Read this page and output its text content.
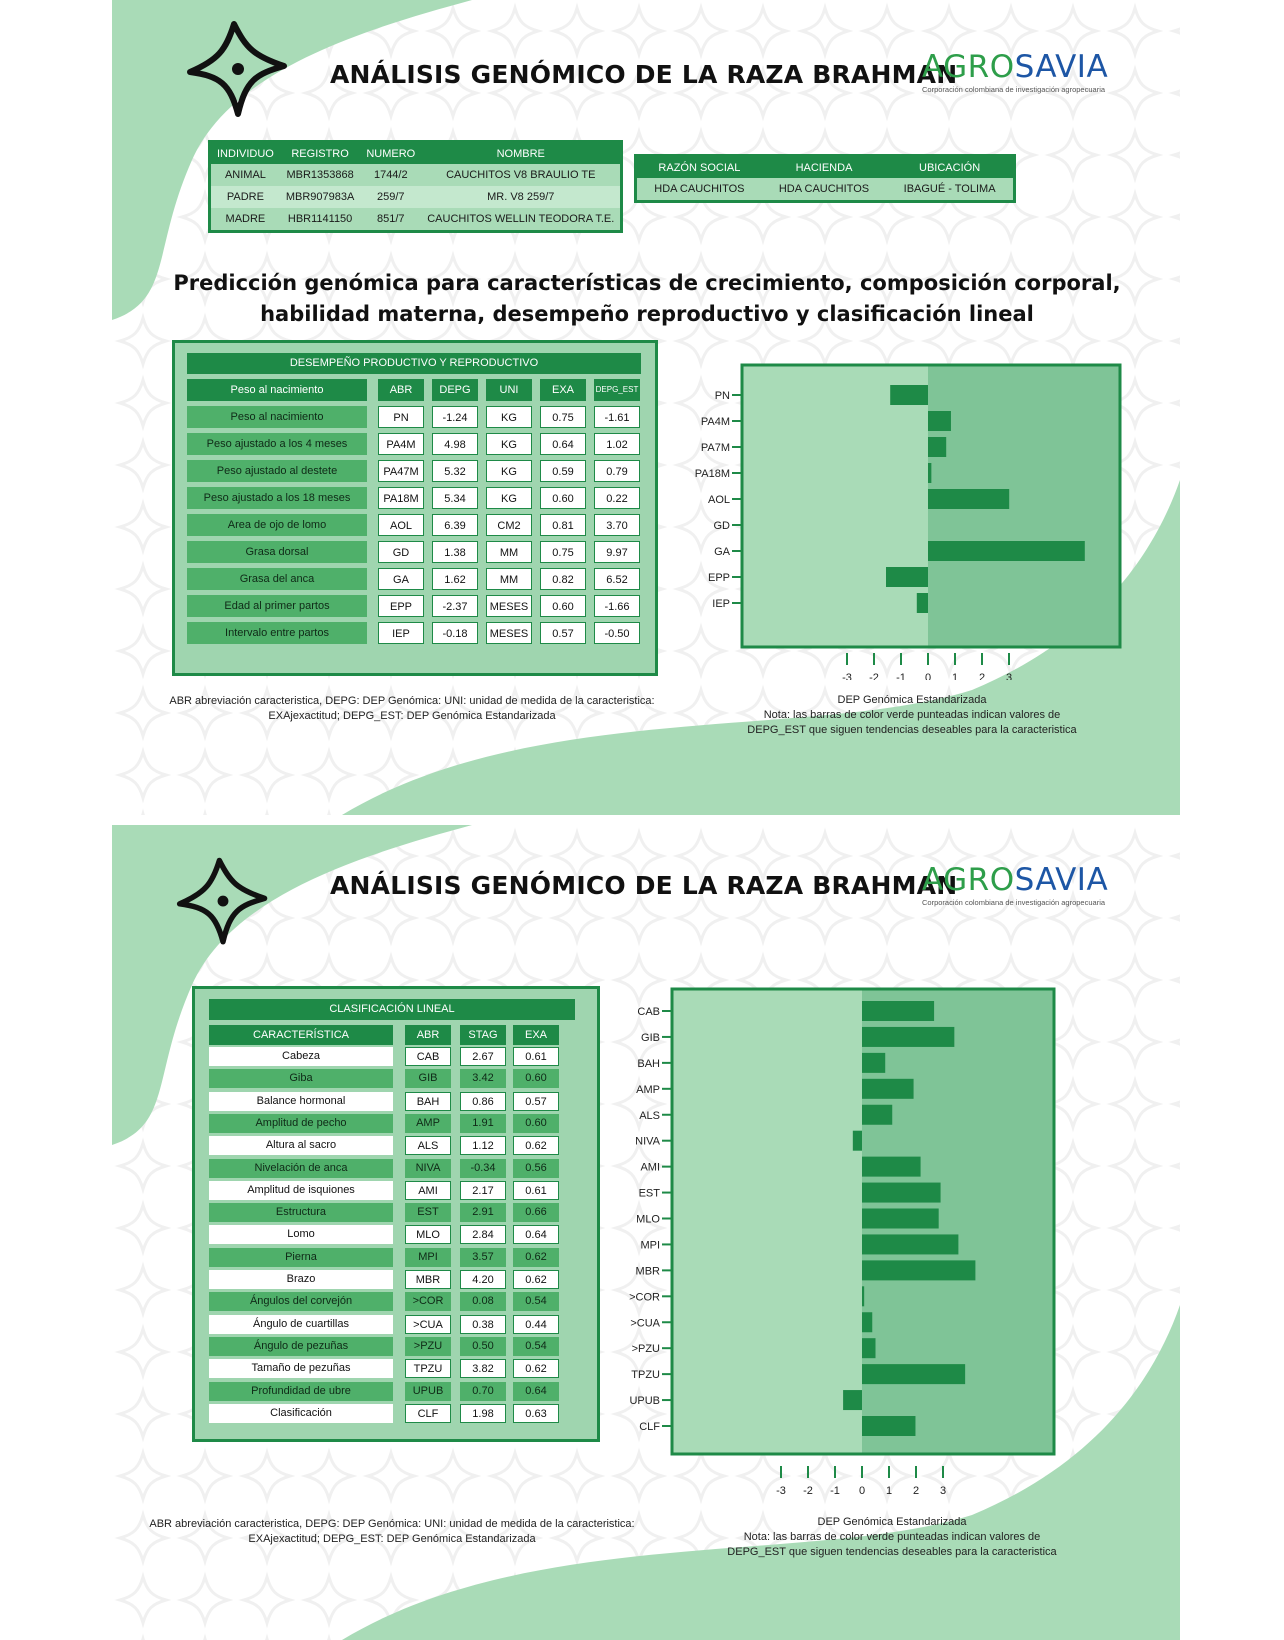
ANÁLISIS GENÓMICO DE LA RAZA BRAHMAN
AGROSAVIA
Corporación colombiana de investigación agropecuaria
INDIVIDUO	REGISTRO	NUMERO	NOMBRE
ANIMAL	MBR1353868	1744/2	CAUCHITOS V8 BRAULIO TE
PADRE	MBR907983A	259/7	MR. V8 259/7
MADRE	HBR1141150	851/7	CAUCHITOS WELLIN TEODORA T.E.
RAZÓN SOCIAL	HACIENDA	UBICACIÓN
HDA CAUCHITOS	HDA CAUCHITOS	IBAGUÉ - TOLIMA
Predicción genómica para características de crecimiento, composición corporal,
habilidad materna, desempeño reproductivo y clasificación lineal
DESEMPEÑO PRODUCTIVO Y REPRODUCTIVO
Peso al nacimiento	ABR	DEPG	UNI	EXA	DEPG_EST
Peso al nacimiento	PN	-1.24	KG	0.75	-1.61
Peso ajustado a los 4 meses	PA4M	4.98	KG	0.64	1.02
Peso ajustado al destete	PA47M	5.32	KG	0.59	0.79
Peso ajustado a los 18 meses	PA18M	5.34	KG	0.60	0.22
Area de ojo de lomo	AOL	6.39	CM2	0.81	3.70
Grasa dorsal	GD	1.38	MM	0.75	9.97
Grasa del anca	GA	1.62	MM	0.82	6.52
Edad al primer partos	EPP	-2.37	MESES	0.60	-1.66
Intervalo entre partos	IEP	-0.18	MESES	0.57	-0.50
PN
PA4M
PA7M
PA18M
AOL
GD
GA
EPP
IEP
-3 -2 -1 0 1 2 3
ABR abreviación caracteristica, DEPG: DEP Genómica: UNI: unidad de medida de la caracteristica:
EXAjexactitud; DEPG_EST: DEP Genómica Estandarizada
DEP Genómica Estandarizada
Nota: las barras de color verde punteadas indican valores de
DEPG_EST que siguen tendencias deseables para la caracteristica
ANÁLISIS GENÓMICO DE LA RAZA BRAHMAN
AGROSAVIA
Corporación colombiana de investigación agropecuaria
CLASIFICACIÓN LINEAL
CARACTERÍSTICA	ABR	STAG	EXA
Cabeza	CAB	2.67	0.61
Giba	GIB	3.42	0.60
Balance hormonal	BAH	0.86	0.57
Amplitud de pecho	AMP	1.91	0.60
Altura al sacro	ALS	1.12	0.62
Nivelación de anca	NIVA	-0.34	0.56
Amplitud de isquiones	AMI	2.17	0.61
Estructura	EST	2.91	0.66
Lomo	MLO	2.84	0.64
Pierna	MPI	3.57	0.62
Brazo	MBR	4.20	0.62
Ángulos del corvejón	>COR	0.08	0.54
Ángulo de cuartillas	>CUA	0.38	0.44
Ángulo de pezuñas	>PZU	0.50	0.54
Tamaño de pezuñas	TPZU	3.82	0.62
Profundidad de ubre	UPUB	0.70	0.64
Clasificación	CLF	1.98	0.63
CAB
GIB
BAH
AMP
ALS
NIVA
AMI
EST
MLO
MPI
MBR
>COR
>CUA
>PZU
TPZU
UPUB
CLF
-3 -2 -1 0 1 2 3
ABR abreviación caracteristica, DEPG: DEP Genómica: UNI: unidad de medida de la caracteristica:
EXAjexactitud; DEPG_EST: DEP Genómica Estandarizada
DEP Genómica Estandarizada
Nota: las barras de color verde punteadas indican valores de
DEPG_EST que siguen tendencias deseables para la caracteristica
